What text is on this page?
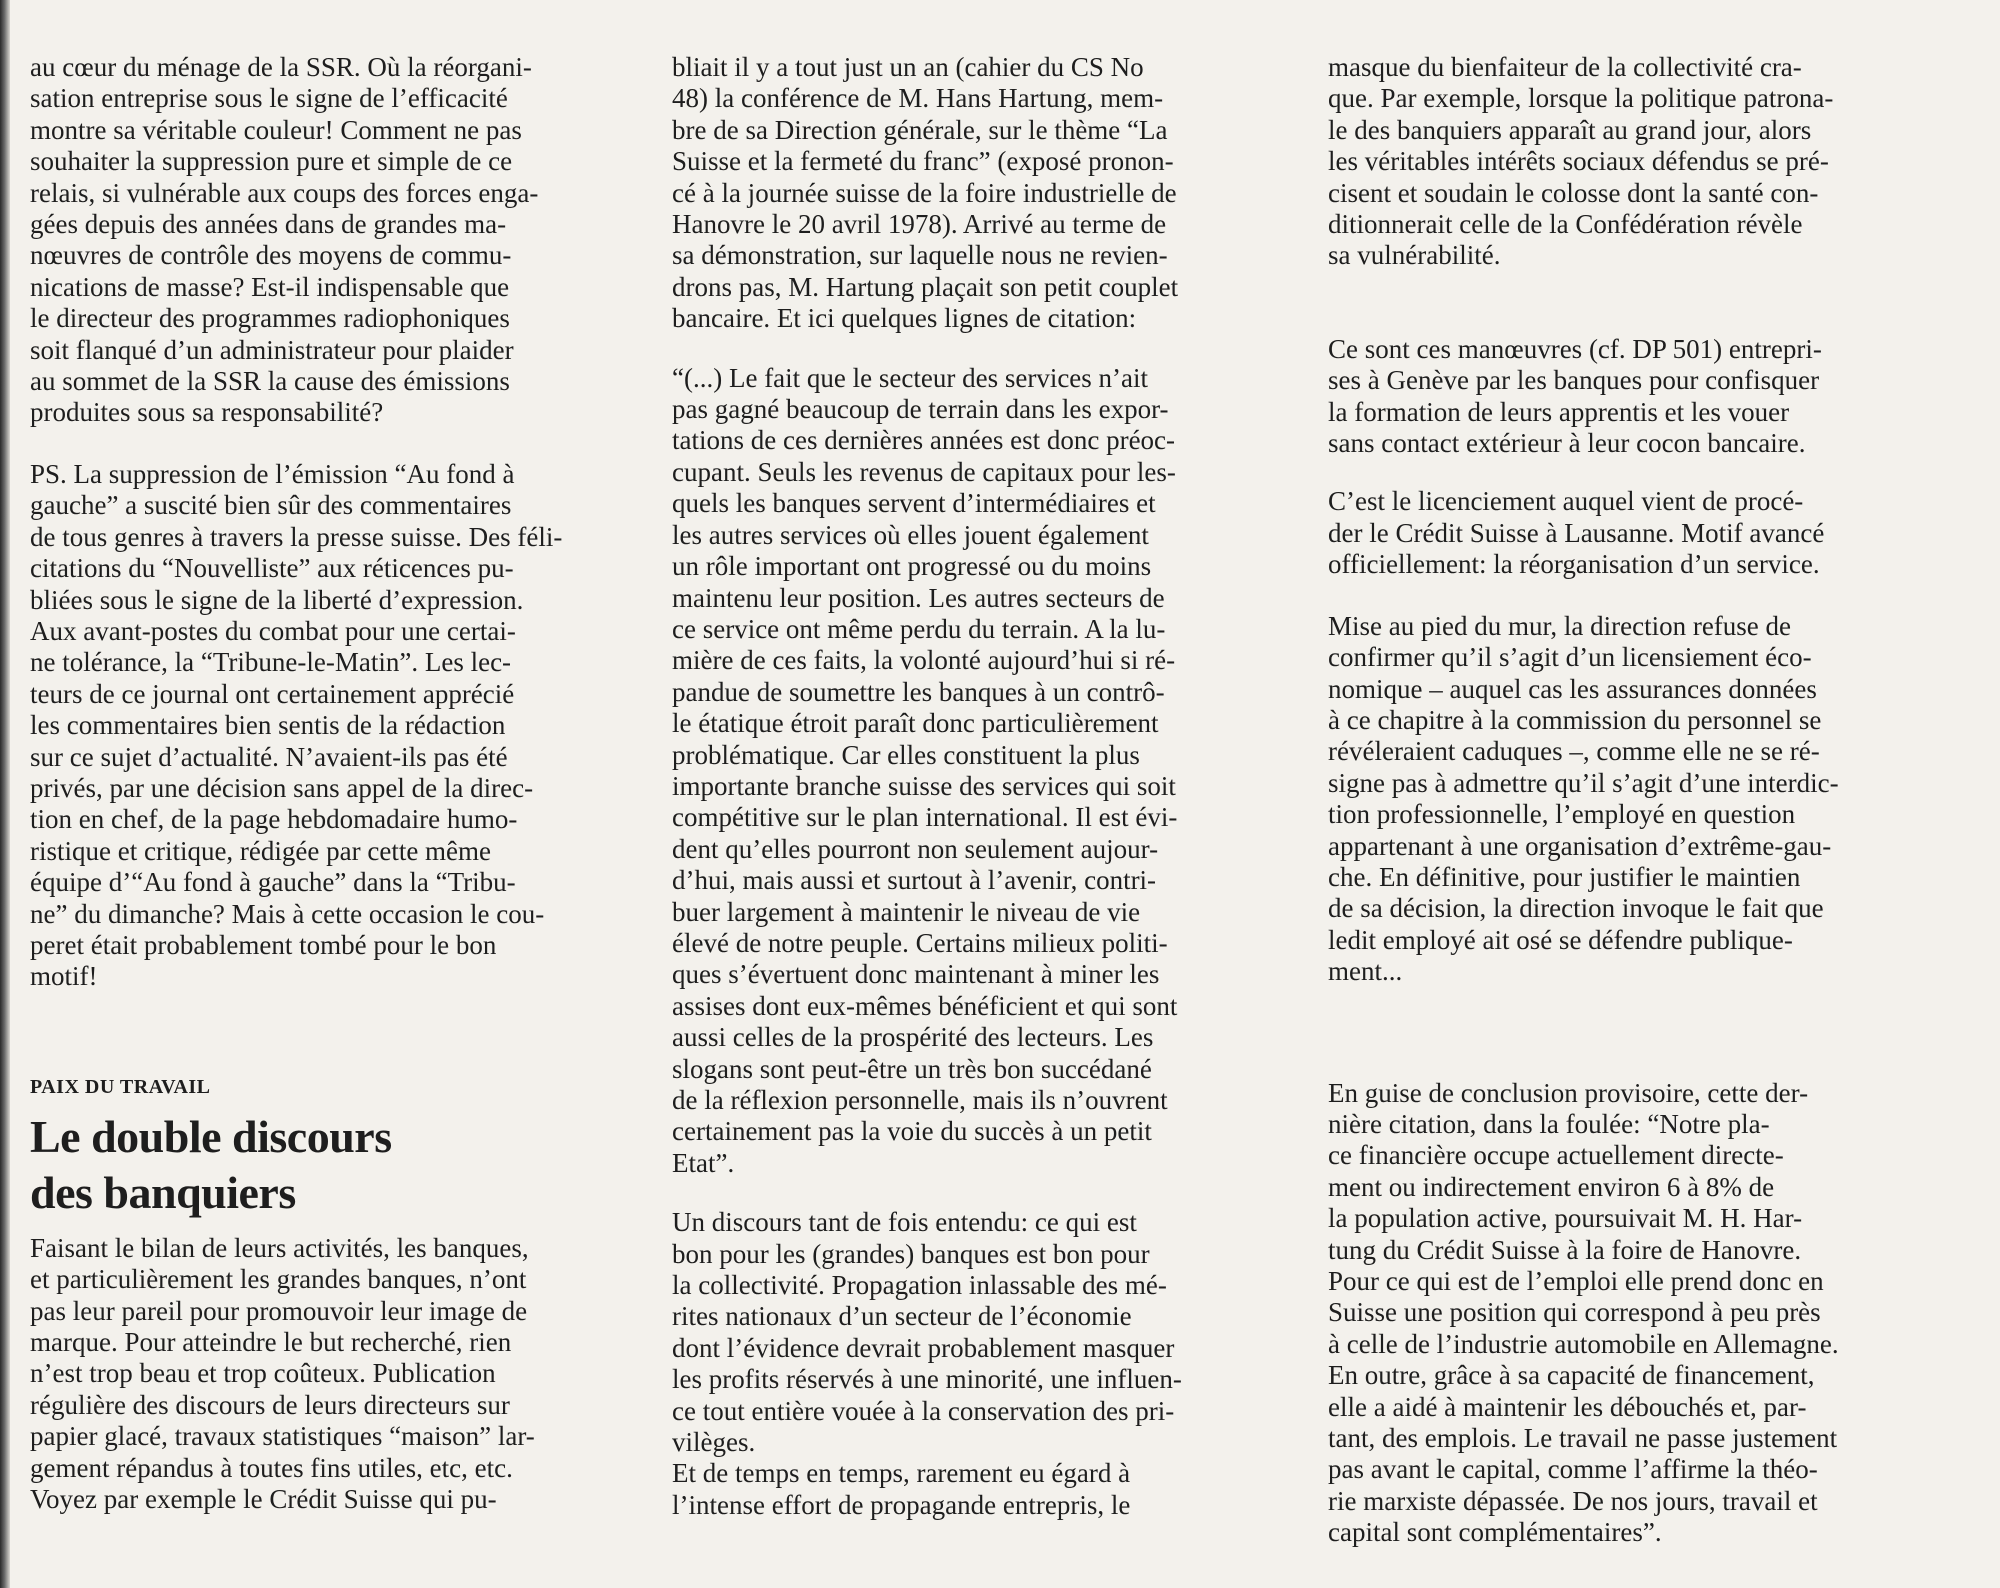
au cœur du ménage de la SSR. Où la réorgani-
sation entreprise sous le signe de l’efficacité
montre sa véritable couleur! Comment ne pas
souhaiter la suppression pure et simple de ce
relais, si vulnérable aux coups des forces enga-
gées depuis des années dans de grandes ma-
nœuvres de contrôle des moyens de commu-
nications de masse? Est-il indispensable que
le directeur des programmes radiophoniques
soit flanqué d’un administrateur pour plaider
au sommet de la SSR la cause des émissions
produites sous sa responsabilité?

PS. La suppression de l’émission “Au fond à
gauche” a suscité bien sûr des commentaires
de tous genres à travers la presse suisse. Des féli-
citations du “Nouvelliste” aux réticences pu-
bliées sous le signe de la liberté d’expression.
Aux avant-postes du combat pour une certai-
ne tolérance, la “Tribune-le-Matin”. Les lec-
teurs de ce journal ont certainement apprécié
les commentaires bien sentis de la rédaction
sur ce sujet d’actualité. N’avaient-ils pas été
privés, par une décision sans appel de la direc-
tion en chef, de la page hebdomadaire humo-
ristique et critique, rédigée par cette même
équipe d’“Au fond à gauche” dans la “Tribu-
ne” du dimanche? Mais à cette occasion le cou-
peret était probablement tombé pour le bon
motif!

PAIX DU TRAVAIL
Le double discours
des banquiers

Faisant le bilan de leurs activités, les banques,
et particulièrement les grandes banques, n’ont
pas leur pareil pour promouvoir leur image de
marque. Pour atteindre le but recherché, rien
n’est trop beau et trop coûteux. Publication
régulière des discours de leurs directeurs sur
papier glacé, travaux statistiques “maison” lar-
gement répandus à toutes fins utiles, etc, etc.
Voyez par exemple le Crédit Suisse qui pu-

bliait il y a tout just un an (cahier du CS No
48) la conférence de M. Hans Hartung, mem-
bre de sa Direction générale, sur le thème “La
Suisse et la fermeté du franc” (exposé pronon-
cé à la journée suisse de la foire industrielle de
Hanovre le 20 avril 1978). Arrivé au terme de
sa démonstration, sur laquelle nous ne revien-
drons pas, M. Hartung plaçait son petit couplet
bancaire. Et ici quelques lignes de citation:

“(...) Le fait que le secteur des services n’ait
pas gagné beaucoup de terrain dans les expor-
tations de ces dernières années est donc préoc-
cupant. Seuls les revenus de capitaux pour les-
quels les banques servent d’intermédiaires et
les autres services où elles jouent également
un rôle important ont progressé ou du moins
maintenu leur position. Les autres secteurs de
ce service ont même perdu du terrain. A la lu-
mière de ces faits, la volonté aujourd’hui si ré-
pandue de soumettre les banques à un contrô-
le étatique étroit paraît donc particulièrement
problématique. Car elles constituent la plus
importante branche suisse des services qui soit
compétitive sur le plan international. Il est évi-
dent qu’elles pourront non seulement aujour-
d’hui, mais aussi et surtout à l’avenir, contri-
buer largement à maintenir le niveau de vie
élevé de notre peuple. Certains milieux politi-
ques s’évertuent donc maintenant à miner les
assises dont eux-mêmes bénéficient et qui sont
aussi celles de la prospérité des lecteurs. Les
slogans sont peut-être un très bon succédané
de la réflexion personnelle, mais ils n’ouvrent
certainement pas la voie du succès à un petit
Etat”.

Un discours tant de fois entendu: ce qui est
bon pour les (grandes) banques est bon pour
la collectivité. Propagation inlassable des mé-
rites nationaux d’un secteur de l’économie
dont l’évidence devrait probablement masquer
les profits réservés à une minorité, une influen-
ce tout entière vouée à la conservation des pri-
vilèges.

Et de temps en temps, rarement eu égard à
l’intense effort de propagande entrepris, le

masque du bienfaiteur de la collectivité cra-
que. Par exemple, lorsque la politique patrona-
le des banquiers apparaît au grand jour, alors
les véritables intérêts sociaux défendus se pré-
cisent et soudain le colosse dont la santé con-
ditionnerait celle de la Confédération révèle
sa vulnérabilité.

Ce sont ces manœuvres (cf. DP 501) entrepri-
ses à Genève par les banques pour confisquer
la formation de leurs apprentis et les vouer
sans contact extérieur à leur cocon bancaire.

C’est le licenciement auquel vient de procé-
der le Crédit Suisse à Lausanne. Motif avancé
officiellement: la réorganisation d’un service.

Mise au pied du mur, la direction refuse de
confirmer qu’il s’agit d’un licensiement éco-
nomique – auquel cas les assurances données
à ce chapitre à la commission du personnel se
révéleraient caduques –, comme elle ne se ré-
signe pas à admettre qu’il s’agit d’une interdic-
tion professionnelle, l’employé en question
appartenant à une organisation d’extrême-gau-
che. En définitive, pour justifier le maintien
de sa décision, la direction invoque le fait que
ledit employé ait osé se défendre publique-
ment...

En guise de conclusion provisoire, cette der-
nière citation, dans la foulée: “Notre pla-
ce financière occupe actuellement directe-
ment ou indirectement environ 6 à 8% de
la population active, poursuivait M. H. Har-
tung du Crédit Suisse à la foire de Hanovre.
Pour ce qui est de l’emploi elle prend donc en
Suisse une position qui correspond à peu près
à celle de l’industrie automobile en Allemagne.
En outre, grâce à sa capacité de financement,
elle a aidé à maintenir les débouchés et, par-
tant, des emplois. Le travail ne passe justement
pas avant le capital, comme l’affirme la théo-
rie marxiste dépassée. De nos jours, travail et
capital sont complémentaires”.
